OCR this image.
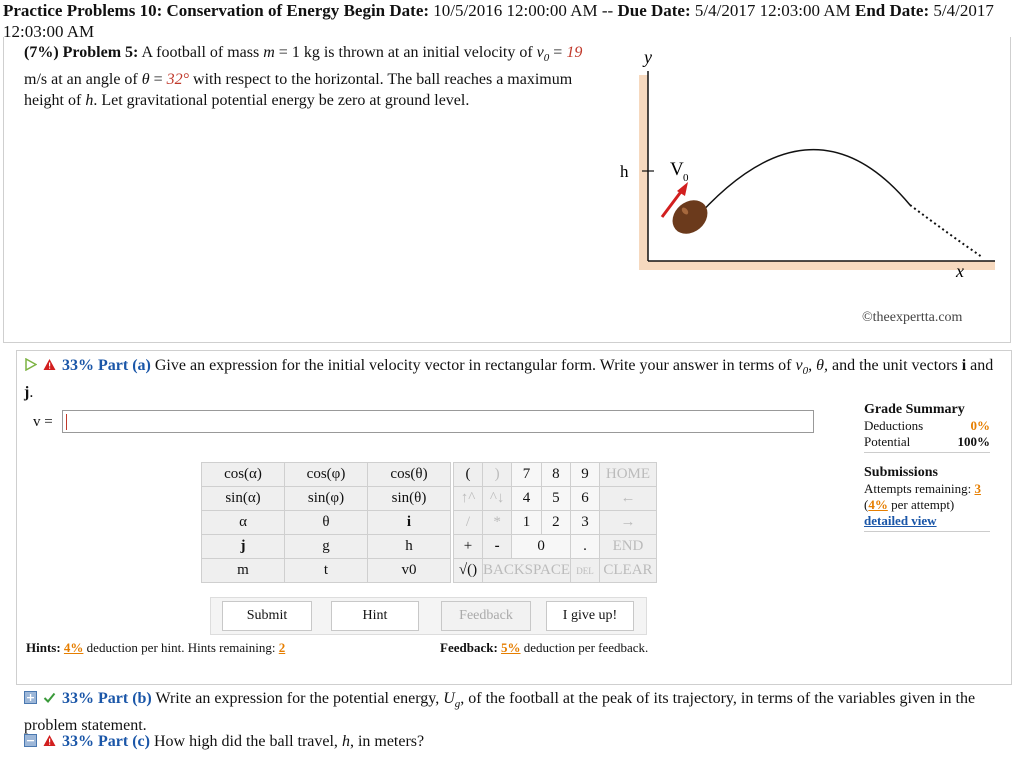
Practice Problems 10: Conservation of Energy Begin Date: 10/5/2016 12:00:00 AM -- Due Date: 5/4/2017 12:03:00 AM End Date: 5/4/2017 12:03:00 AM
(7%) Problem 5: A football of mass m = 1 kg is thrown at an initial velocity of $v_0 = 19$ m/s at an angle of θ = 32° with respect to the horizontal. The ball reaches a maximum height of h. Let gravitational potential energy be zero at ground level.
y
x
h V 0
©theexpertta.com
33% Part (a) Give an expression for the initial velocity vector in rectangular form. Write your answer in terms of $v_0$, θ, and the unit vectors i and j.
v =
Grade Summary
Deductions	0%
Potential	100%
Submissions
Attempts remaining: 3
(4% per attempt)
detailed view
cos(α)	cos(φ)	cos(θ)
sin(α)	sin(φ)	sin(θ)
α	θ	i
j	g	h
m	t	v0
(	)	7	8	9	HOME
↑^	^↓	4	5	6	←
/	*	1	2	3	→
+	-	0		.	END
√()	BACKSPACE			DEL	CLEAR
Submit	Hint	Feedback	I give up!
Hints: 4% deduction per hint. Hints remaining: 2	Feedback: 5% deduction per feedback.
33% Part (b) Write an expression for the potential energy, $U_g$, of the football at the peak of its trajectory, in terms of the variables given in the problem statement.
33% Part (c) How high did the ball travel, h, in meters?
